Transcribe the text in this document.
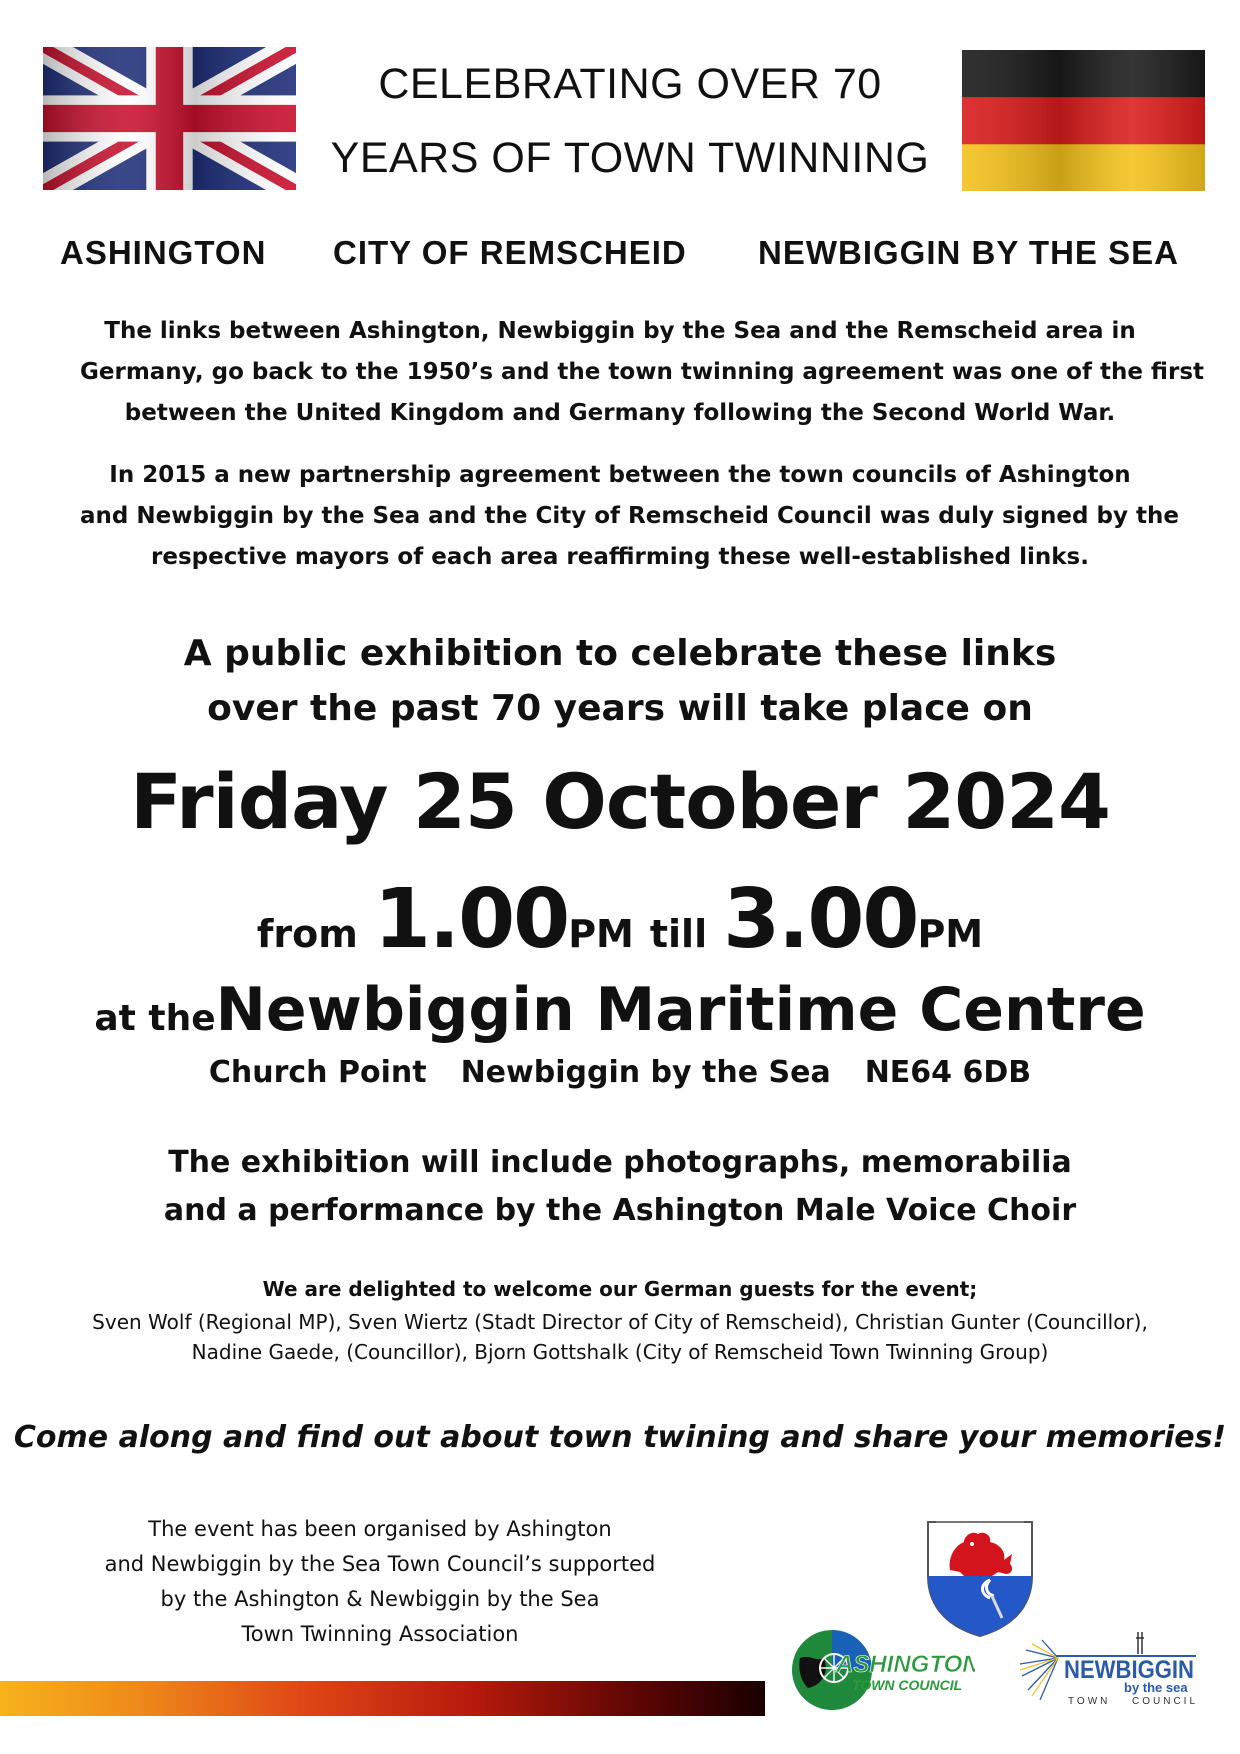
CELEBRATING OVER 70
YEARS OF TOWN TWINNING
ASHINGTON CITY OF REMSCHEID NEWBIGGIN BY THE SEA

The links between Ashington, Newbiggin by the Sea and the Remscheid area in

Germany, go back to the 1950’s and the town twinning agreement was one of the first

between the United Kingdom and Germany following the Second World War.

In 2015 a new partnership agreement between the town councils of Ashington

and Newbiggin by the Sea and the City of Remscheid Council was duly signed by the

respective mayors of each area reaffirming these well-established links.

A public exhibition to celebrate these links
over the past 70 years will take place on
Friday 25 October 2024
from 1.00PM till 3.00PM
at theNewbiggin Maritime Centre
Church Point Newbiggin by the Sea NE64 6DB
The exhibition will include photographs, memorabilia
and a performance by the Ashington Male Voice Choir
We are delighted to welcome our German guests for the event;
Sven Wolf (Regional MP), Sven Wiertz (Stadt Director of City of Remscheid), Christian Gunter (Councillor),
Nadine Gaede, (Councillor), Bjorn Gottshalk (City of Remscheid Town Twinning Group)
Come along and find out about town twining and share your memories!

The event has been organised by Ashington

and Newbiggin by the Sea Town Council’s supported

by the Ashington & Newbiggin by the Sea

Town Twinning Association

ASHINGTON
TOWN COUNCIL
NEWBIGGIN
by the sea
TOWN COUNCIL
